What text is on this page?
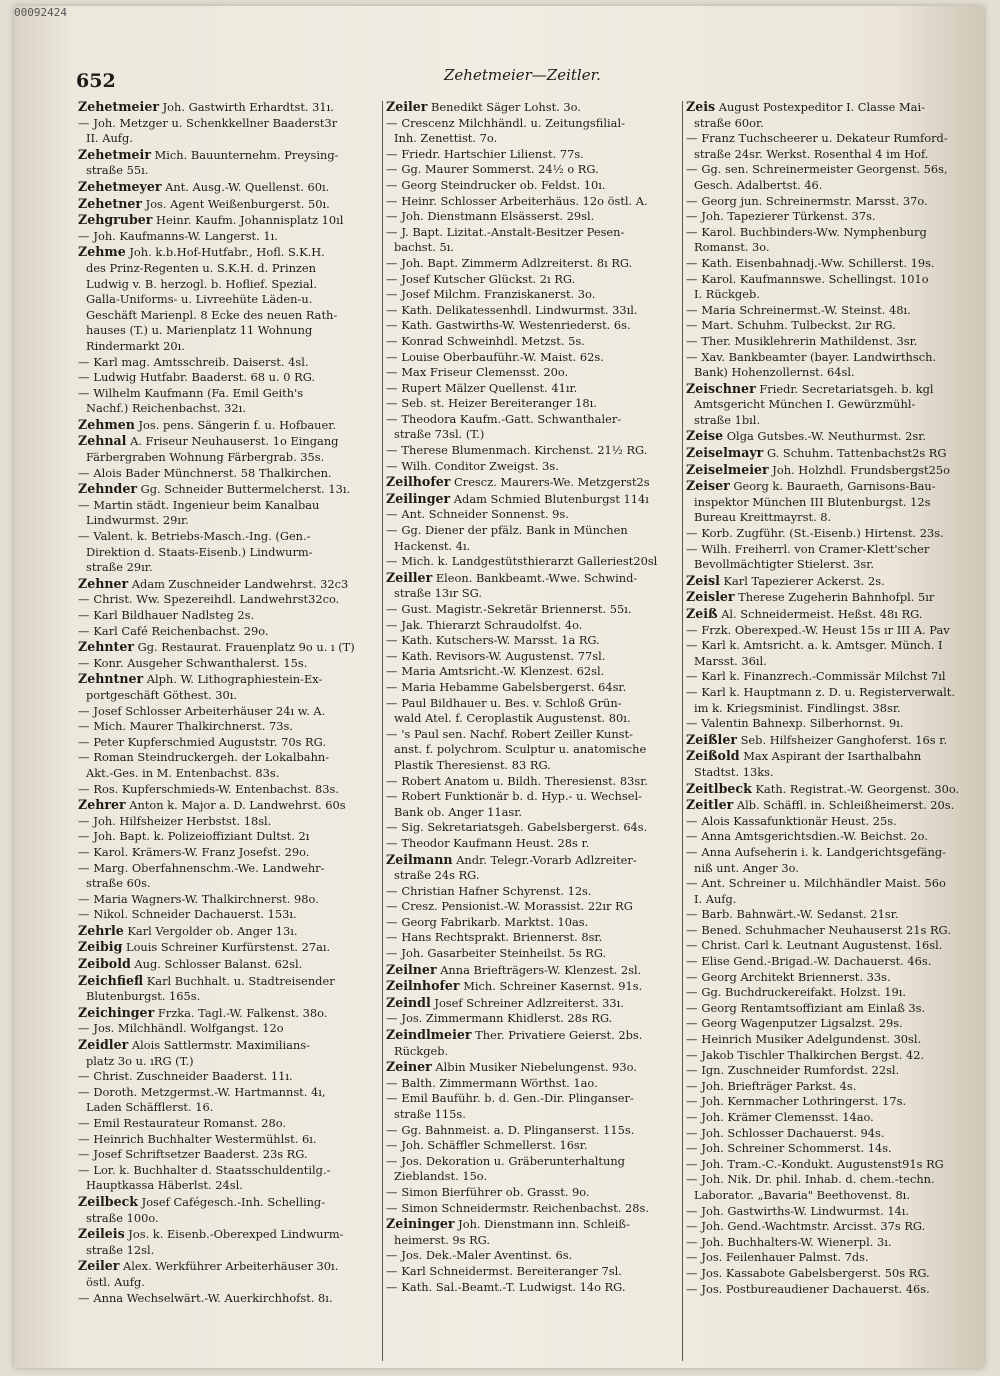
00092424
652	Zehetmeier—Zeitler.
Zehetmeier Joh. Gastwirth Erhardtst. 31ı.
— Joh. Metzger u. Schenkkellner Baaderst3r
II. Aufg.
Zehetmeir Mich. Bauunternehm. Preysing-
straße 55ı.
Zehetmeyer Ant. Ausg.-W. Quellenst. 60ı.
Zehetner Jos. Agent Weißenburgerst. 50ı.
Zehgruber Heinr. Kaufm. Johannisplatz 10ıl
— Joh. Kaufmanns-W. Langerst. 1ı.
Zehme Joh. k.b.Hof-Hutfabr., Hofl. S.K.H.
des Prinz-Regenten u. S.K.H. d. Prinzen
Ludwig v. B. herzogl. b. Hoflief. Spezial.
Galla-Uniforms- u. Livreehüte Läden-u.
Geschäft Marienpl. 8 Ecke des neuen Rath-
hauses (T.) u. Marienplatz 11 Wohnung
Rindermarkt 20ı.
— Karl mag. Amtsschreib. Daiserst. 4sl.
— Ludwig Hutfabr. Baaderst. 68 u. 0 RG.
— Wilhelm Kaufmann (Fa. Emil Geith's
Nachf.) Reichenbachst. 32ı.
Zehmen Jos. pens. Sängerin f. u. Hofbauer.
Zehnal A. Friseur Neuhauserst. 1o Eingang
Färbergraben Wohnung Färbergrab. 35s.
— Alois Bader Münchnerst. 58 Thalkirchen.
Zehnder Gg. Schneider Buttermelcherst. 13ı.
— Martin städt. Ingenieur beim Kanalbau
Lindwurmst. 29ır.
— Valent. k. Betriebs-Masch.-Ing. (Gen.-
Direktion d. Staats-Eisenb.) Lindwurm-
straße 29ır.
Zehner Adam Zuschneider Landwehrst. 32c3
— Christ. Ww. Spezereihdl. Landwehrst32co.
— Karl Bildhauer Nadlsteg 2s.
— Karl Café Reichenbachst. 29o.
Zehnter Gg. Restaurat. Frauenplatz 9o u. ı (T)
— Konr. Ausgeher Schwanthalerst. 15s.
Zehntner Alph. W. Lithographiestein-Ex-
portgeschäft Göthest. 30ı.
— Josef Schlosser Arbeiterhäuser 24ı w. A.
— Mich. Maurer Thalkirchnerst. 73s.
— Peter Kupferschmied Auguststr. 70s RG.
— Roman Steindruckergeh. der Lokalbahn-
Akt.-Ges. in M. Entenbachst. 83s.
— Ros. Kupferschmieds-W. Entenbachst. 83s.
Zehrer Anton k. Major a. D. Landwehrst. 60s
— Joh. Hilfsheizer Herbstst. 18sl.
— Joh. Bapt. k. Polizeioffiziant Dultst. 2ı
— Karol. Krämers-W. Franz Josefst. 29o.
— Marg. Oberfahnenschm.-We. Landwehr-
straße 60s.
— Maria Wagners-W. Thalkirchnerst. 98o.
— Nikol. Schneider Dachauerst. 153ı.
Zehrle Karl Vergolder ob. Anger 13ı.
Zeibig Louis Schreiner Kurfürstenst. 27aı.
Zeibold Aug. Schlosser Balanst. 62sl.
Zeichfiefl Karl Buchhalt. u. Stadtreisender
Blutenburgst. 165s.
Zeichinger Frzka. Tagl.-W. Falkenst. 38o.
— Jos. Milchhändl. Wolfgangst. 12o
Zeidler Alois Sattlermstr. Maximilians-
platz 3o u. ıRG (T.)
— Christ. Zuschneider Baaderst. 11ı.
— Doroth. Metzgermst.-W. Hartmannst. 4ı,
Laden Schäfflerst. 16.
— Emil Restaurateur Romanst. 28o.
— Heinrich Buchhalter Westermühlst. 6ı.
— Josef Schriftsetzer Baaderst. 23s RG.
— Lor. k. Buchhalter d. Staatsschuldentilg.-
Hauptkassa Häberlst. 24sl.
Zeilbeck Josef Cafégesch.-Inh. Schelling-
straße 100o.
Zeileis Jos. k. Eisenb.-Oberexped Lindwurm-
straße 12sl.
Zeiler Alex. Werkführer Arbeiterhäuser 30ı.
östl. Aufg.
— Anna Wechselwärt.-W. Auerkirchhofst. 8ı.
Zeiler Benedikt Säger Lohst. 3o.
— Crescenz Milchhändl. u. Zeitungsfilial-
Inh. Zenettist. 7o.
— Friedr. Hartschier Lilienst. 77s.
— Gg. Maurer Sommerst. 24½ o RG.
— Georg Steindrucker ob. Feldst. 10ı.
— Heinr. Schlosser Arbeiterhäus. 12o östl. A.
— Joh. Dienstmann Elsässerst. 29sl.
— J. Bapt. Lizitat.-Anstalt-Besitzer Pesen-
bachst. 5ı.
— Joh. Bapt. Zimmerm Adlzreiterst. 8ı RG.
— Josef Kutscher Glückst. 2ı RG.
— Josef Milchm. Franziskanerst. 3o.
— Kath. Delikatessenhdl. Lindwurmst. 33ıl.
— Kath. Gastwirths-W. Westenriederst. 6s.
— Konrad Schweinhdl. Metzst. 5s.
— Louise Oberbauführ.-W. Maist. 62s.
— Max Friseur Clemensst. 20o.
— Rupert Mälzer Quellenst. 41ır.
— Seb. st. Heizer Bereiteranger 18ı.
— Theodora Kaufm.-Gatt. Schwanthaler-
straße 73sl. (T.)
— Therese Blumenmach. Kirchenst. 21½ RG.
— Wilh. Conditor Zweigst. 3s.
Zeilhofer Crescz. Maurers-We. Metzgerst2s
Zeilinger Adam Schmied Blutenburgst 114ı
— Ant. Schneider Sonnenst. 9s.
— Gg. Diener der pfälz. Bank in München
Hackenst. 4ı.
— Mich. k. Landgestütsthierarzt Galleriest20sl
Zeiller Eleon. Bankbeamt.-Wwe. Schwind-
straße 13ır SG.
— Gust. Magistr.-Sekretär Briennerst. 55ı.
— Jak. Thierarzt Schraudolfst. 4o.
— Kath. Kutschers-W. Marsst. 1a RG.
— Kath. Revisors-W. Augustenst. 77sl.
— Maria Amtsricht.-W. Klenzest. 62sl.
— Maria Hebamme Gabelsbergerst. 64sr.
— Paul Bildhauer u. Bes. v. Schloß Grün-
wald Atel. f. Ceroplastik Augustenst. 80ı.
— 's Paul sen. Nachf. Robert Zeiller Kunst-
anst. f. polychrom. Sculptur u. anatomische
Plastik Theresienst. 83 RG.
— Robert Anatom u. Bildh. Theresienst. 83sr.
— Robert Funktionär b. d. Hyp.- u. Wechsel-
Bank ob. Anger 11asr.
— Sig. Sekretariatsgeh. Gabelsbergerst. 64s.
— Theodor Kaufmann Heust. 28s r.
Zeilmann Andr. Telegr.-Vorarb Adlzreiter-
straße 24s RG.
— Christian Hafner Schyrenst. 12s.
— Cresz. Pensionist.-W. Morassist. 22ır RG
— Georg Fabrikarb. Marktst. 10as.
— Hans Rechtsprakt. Briennerst. 8sr.
— Joh. Gasarbeiter Steinheilst. 5s RG.
Zeilner Anna Briefträgers-W. Klenzest. 2sl.
Zeilnhofer Mich. Schreiner Kasernst. 91s.
Zeindl Josef Schreiner Adlzreiterst. 33ı.
— Jos. Zimmermann Khidlerst. 28s RG.
Zeindlmeier Ther. Privatiere Geierst. 2bs.
Rückgeb.
Zeiner Albin Musiker Niebelungenst. 93o.
— Balth. Zimmermann Wörthst. 1ao.
— Emil Bauführ. b. d. Gen.-Dir. Plinganser-
straße 115s.
— Gg. Bahnmeist. a. D. Plinganserst. 115s.
— Joh. Schäffler Schmellerst. 16sr.
— Jos. Dekoration u. Gräberunterhaltung
Zieblandst. 15o.
— Simon Bierführer ob. Grasst. 9o.
— Simon Schneidermstr. Reichenbachst. 28s.
Zeininger Joh. Dienstmann inn. Schleiß-
heimerst. 9s RG.
— Jos. Dek.-Maler Aventinst. 6s.
— Karl Schneidermst. Bereiteranger 7sl.
— Kath. Sal.-Beamt.-T. Ludwigst. 14o RG.
Zeis August Postexpeditor I. Classe Mai-
straße 60or.
— Franz Tuchscheerer u. Dekateur Rumford-
straße 24sr. Werkst. Rosenthal 4 im Hof.
— Gg. sen. Schreinermeister Georgenst. 56s,
Gesch. Adalbertst. 46.
— Georg jun. Schreinermstr. Marsst. 37o.
— Joh. Tapezierer Türkenst. 37s.
— Karol. Buchbinders-Ww. Nymphenburg
Romanst. 3o.
— Kath. Eisenbahnadj.-Ww. Schillerst. 19s.
— Karol. Kaufmannswe. Schellingst. 101o
I. Rückgeb.
— Maria Schreinermst.-W. Steinst. 48ı.
— Mart. Schuhm. Tulbeckst. 2ır RG.
— Ther. Musiklehrerin Mathildenst. 3sr.
— Xav. Bankbeamter (bayer. Landwirthsch.
Bank) Hohenzollernst. 64sl.
Zeischner Friedr. Secretariatsgeh. b. kgl
Amtsgericht München I. Gewürzmühl-
straße 1bıl.
Zeise Olga Gutsbes.-W. Neuthurmst. 2sr.
Zeiselmayr G. Schuhm. Tattenbachst2s RG
Zeiselmeier Joh. Holzhdl. Frundsbergst25o
Zeiser Georg k. Bauraeth, Garnisons-Bau-
inspektor München III Blutenburgst. 12s
Bureau Kreittmayrst. 8.
— Korb. Zugführ. (St.-Eisenb.) Hirtenst. 23s.
— Wilh. Freiherrl. von Cramer-Klett'scher
Bevollmächtigter Stielerst. 3sr.
Zeisl Karl Tapezierer Ackerst. 2s.
Zeisler Therese Zugeherin Bahnhofpl. 5ır
Zeiß Al. Schneidermeist. Heßst. 48ı RG.
— Frzk. Oberexped.-W. Heust 15s ır III A. Pav
— Karl k. Amtsricht. a. k. Amtsger. Münch. I
Marsst. 36ıl.
— Karl k. Finanzrech.-Commissär Milchst 7ıl
— Karl k. Hauptmann z. D. u. Registerverwalt.
im k. Kriegsminist. Findlingst. 38sr.
— Valentin Bahnexp. Silberhornst. 9ı.
Zeißler Seb. Hilfsheizer Ganghoferst. 16s r.
Zeißold Max Aspirant der Isarthalbahn
Stadtst. 13ks.
Zeitlbeck Kath. Registrat.-W. Georgenst. 30o.
Zeitler Alb. Schäffl. in. Schleißheimerst. 20s.
— Alois Kassafunktionär Heust. 25s.
— Anna Amtsgerichtsdien.-W. Beichst. 2o.
— Anna Aufseherin i. k. Landgerichtsgefäng-
niß unt. Anger 3o.
— Ant. Schreiner u. Milchhändler Maist. 56o
I. Aufg.
— Barb. Bahnwärt.-W. Sedanst. 21sr.
— Bened. Schuhmacher Neuhauserst 21s RG.
— Christ. Carl k. Leutnant Augustenst. 16sl.
— Elise Gend.-Brigad.-W. Dachauerst. 46s.
— Georg Architekt Briennerst. 33s.
— Gg. Buchdruckereifakt. Holzst. 19ı.
— Georg Rentamtsoffiziant am Einlaß 3s.
— Georg Wagenputzer Ligsalzst. 29s.
— Heinrich Musiker Adelgundenst. 30sl.
— Jakob Tischler Thalkirchen Bergst. 42.
— Ign. Zuschneider Rumfordst. 22sl.
— Joh. Briefträger Parkst. 4s.
— Joh. Kernmacher Lothringerst. 17s.
— Joh. Krämer Clemensst. 14ao.
— Joh. Schlosser Dachauerst. 94s.
— Joh. Schreiner Schommerst. 14s.
— Joh. Tram.-C.-Kondukt. Augustenst91s RG
— Joh. Nik. Dr. phil. Inhab. d. chem.-techn.
Laborator. „Bavaria" Beethovenst. 8ı.
— Joh. Gastwirths-W. Lindwurmst. 14ı.
— Joh. Gend.-Wachtmstr. Arcisst. 37s RG.
— Joh. Buchhalters-W. Wienerpl. 3ı.
— Jos. Feilenhauer Palmst. 7ds.
— Jos. Kassabote Gabelsbergerst. 50s RG.
— Jos. Postbureaudiener Dachauerst. 46s.
